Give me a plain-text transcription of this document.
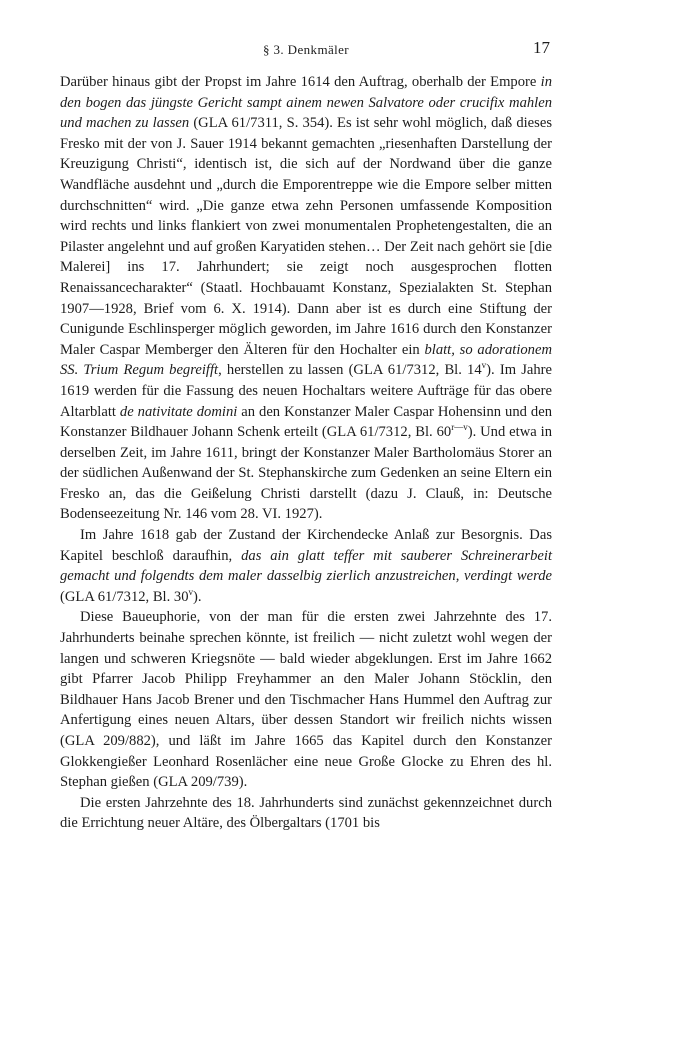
§ 3. Denkmäler	17

Darüber hinaus gibt der Propst im Jahre 1614 den Auftrag, oberhalb der Empore in den bogen das jüngste Gericht sampt ainem newen Salvatore oder crucifix mahlen und machen zu lassen (GLA 61/7311, S. 354). Es ist sehr wohl möglich, daß dieses Fresko mit der von J. Sauer 1914 bekannt gemachten „riesenhaften Darstellung der Kreuzigung Christi“, identisch ist, die sich auf der Nordwand über die ganze Wandfläche ausdehnt und „durch die Emporentreppe wie die Empore selber mitten durchschnitten“ wird. „Die ganze etwa zehn Personen umfassende Komposition wird rechts und links flankiert von zwei monumentalen Prophetengestalten, die an Pilaster angelehnt und auf großen Karyatiden stehen… Der Zeit nach gehört sie [die Malerei] ins 17. Jahrhundert; sie zeigt noch ausgesprochen flotten Renaissancecharakter“ (Staatl. Hochbauamt Konstanz, Spezialakten St. Stephan 1907—1928, Brief vom 6. X. 1914). Dann aber ist es durch eine Stiftung der Cunigunde Eschlinsperger möglich geworden, im Jahre 1616 durch den Konstanzer Maler Caspar Memberger den Älteren für den Hochalter ein blatt, so adorationem SS. Trium Regum begreifft, herstellen zu lassen (GLA 61/7312, Bl. 14$^v$). Im Jahre 1619 werden für die Fassung des neuen Hochaltars weitere Aufträge für das obere Altarblatt de nativitate domini an den Konstanzer Maler Caspar Hohensinn und den Konstanzer Bildhauer Johann Schenk erteilt (GLA 61/7312, Bl. $60^{r—v}$). Und etwa in derselben Zeit, im Jahre 1611, bringt der Konstanzer Maler Bartholomäus Storer an der südlichen Außenwand der St. Stephanskirche zum Gedenken an seine Eltern ein Fresko an, das die Geißelung Christi darstellt (dazu J. Clauß, in: Deutsche Bodenseezeitung Nr. 146 vom 28. VI. 1927).

Im Jahre 1618 gab der Zustand der Kirchendecke Anlaß zur Besorgnis. Das Kapitel beschloß daraufhin, das ain glatt teffer mit sauberer Schreinerarbeit gemacht und folgendts dem maler dasselbig zierlich anzustreichen, verdingt werde (GLA 61/7312, Bl. 30$^v$).

Diese Baueuphorie, von der man für die ersten zwei Jahrzehnte des 17. Jahrhunderts beinahe sprechen könnte, ist freilich — nicht zuletzt wohl wegen der langen und schweren Kriegsnöte — bald wieder abgeklungen. Erst im Jahre 1662 gibt Pfarrer Jacob Philipp Freyhammer an den Maler Johann Stöcklin, den Bildhauer Hans Jacob Brener und den Tischmacher Hans Hummel den Auftrag zur Anfertigung eines neuen Altars, über dessen Standort wir freilich nichts wissen (GLA 209/882), und läßt im Jahre 1665 das Kapitel durch den Konstanzer Glokkengießer Leonhard Rosenlächer eine neue Große Glocke zu Ehren des hl. Stephan gießen (GLA 209/739).

Die ersten Jahrzehnte des 18. Jahrhunderts sind zunächst gekennzeichnet durch die Errichtung neuer Altäre, des Ölbergaltars (1701 bis
